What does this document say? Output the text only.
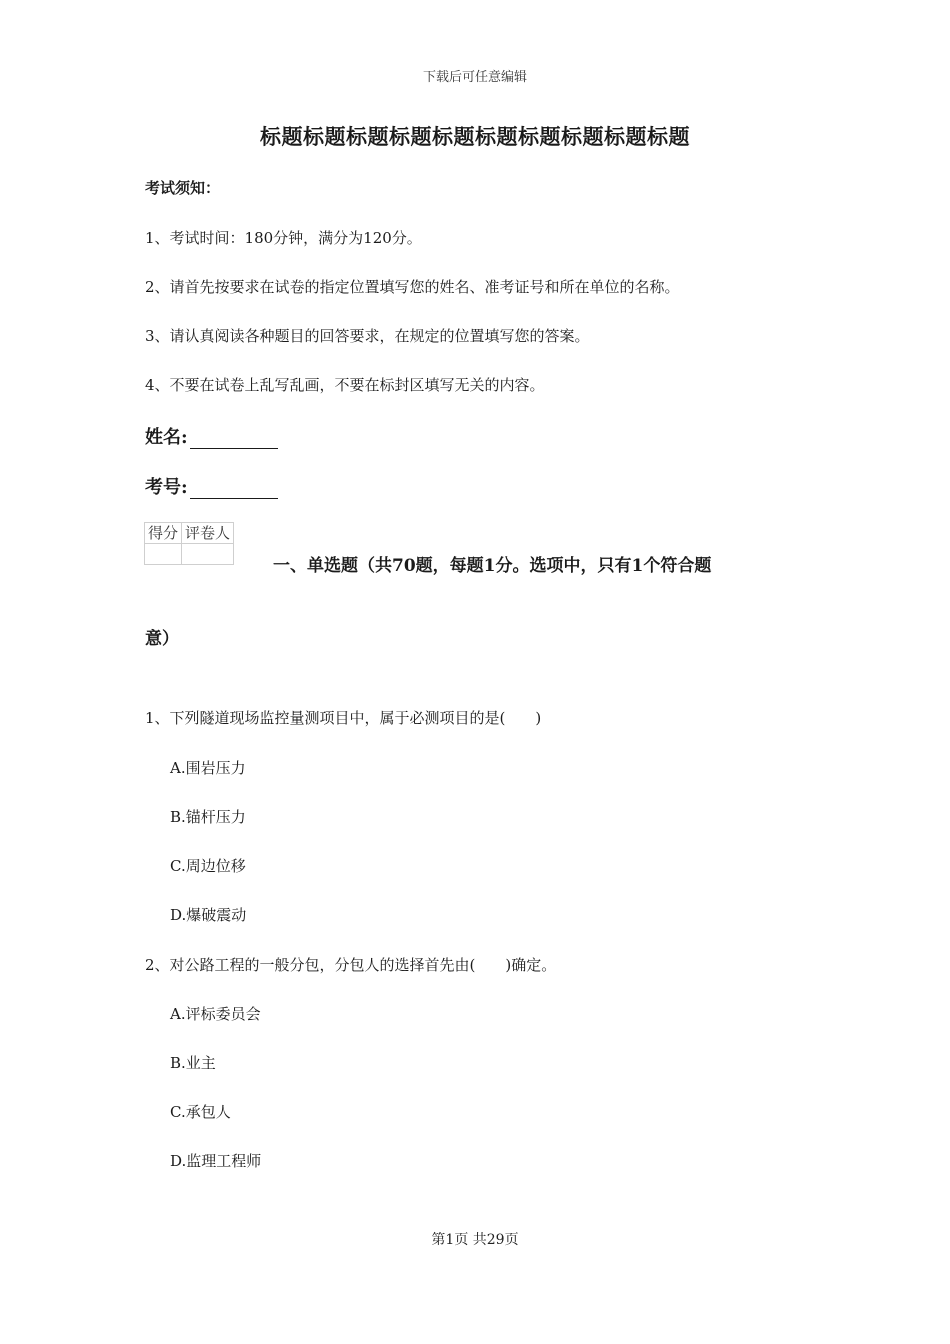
下载后可任意编辑
标题标题标题标题标题标题标题标题标题标题
考试须知：
1、考试时间：180分钟，满分为120分。
2、请首先按要求在试卷的指定位置填写您的姓名、准考证号和所在单位的名称。
3、请认真阅读各种题目的回答要求，在规定的位置填写您的答案。
4、不要在试卷上乱写乱画，不要在标封区填写无关的内容。
姓名:
考号:
得分	评卷人

一、单选题（共70题，每题1分。选项中，只有1个符合题
意）
1、下列隧道现场监控量测项目中，属于必测项目的是(　　)
A.围岩压力
B.锚杆压力
C.周边位移
D.爆破震动
2、对公路工程的一般分包，分包人的选择首先由(　　)确定。
A.评标委员会
B.业主
C.承包人
D.监理工程师
第1页 共29页
